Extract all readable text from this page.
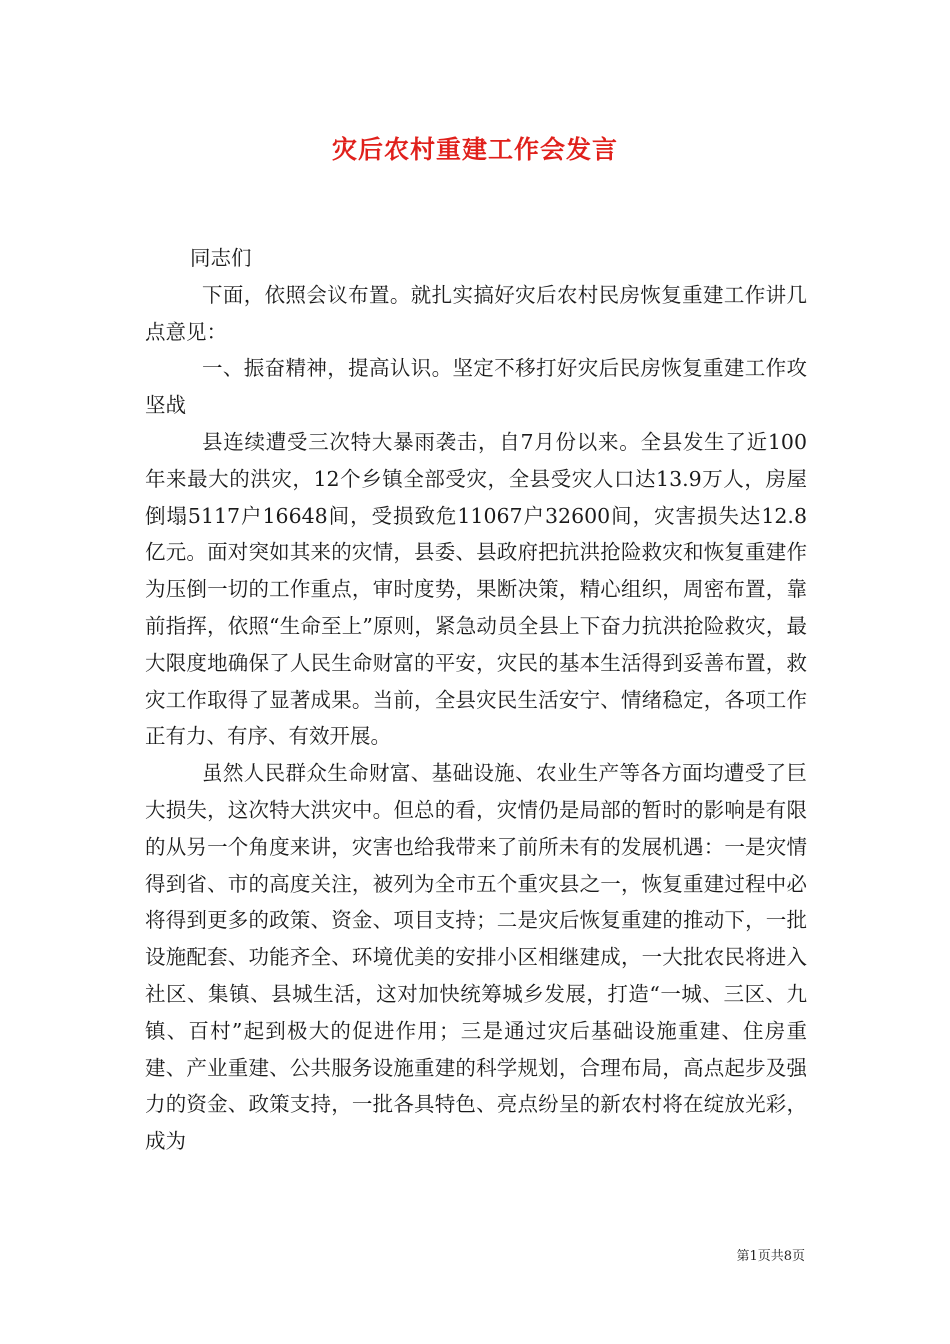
灾后农村重建工作会发言

同志们

下面，依照会议布置。就扎实搞好灾后农村民房恢复重建工作讲几点意见：

一、振奋精神，提高认识。坚定不移打好灾后民房恢复重建工作攻坚战

县连续遭受三次特大暴雨袭击，自7月份以来。全县发生了近100年来最大的洪灾，12个乡镇全部受灾，全县受灾人口达13.9万人，房屋倒塌5117户16648间，受损致危11067户32600间，灾害损失达12.8亿元。面对突如其来的灾情，县委、县政府把抗洪抢险救灾和恢复重建作为压倒一切的工作重点，审时度势，果断决策，精心组织，周密布置，靠前指挥，依照“生命至上”原则，紧急动员全县上下奋力抗洪抢险救灾，最大限度地确保了人民生命财富的平安，灾民的基本生活得到妥善布置，救灾工作取得了显著成果。当前，全县灾民生活安宁、情绪稳定，各项工作正有力、有序、有效开展。

虽然人民群众生命财富、基础设施、农业生产等各方面均遭受了巨大损失，这次特大洪灾中。但总的看，灾情仍是局部的暂时的影响是有限的从另一个角度来讲，灾害也给我带来了前所未有的发展机遇：一是灾情得到省、市的高度关注，被列为全市五个重灾县之一，恢复重建过程中必将得到更多的政策、资金、项目支持；二是灾后恢复重建的推动下，一批设施配套、功能齐全、环境优美的安排小区相继建成，一大批农民将进入社区、集镇、县城生活，这对加快统筹城乡发展，打造“一城、三区、九镇、百村”起到极大的促进作用；三是通过灾后基础设施重建、住房重建、产业重建、公共服务设施重建的科学规划，合理布局，高点起步及强力的资金、政策支持，一批各具特色、亮点纷呈的新农村将在绽放光彩，成为

第1页共8页
